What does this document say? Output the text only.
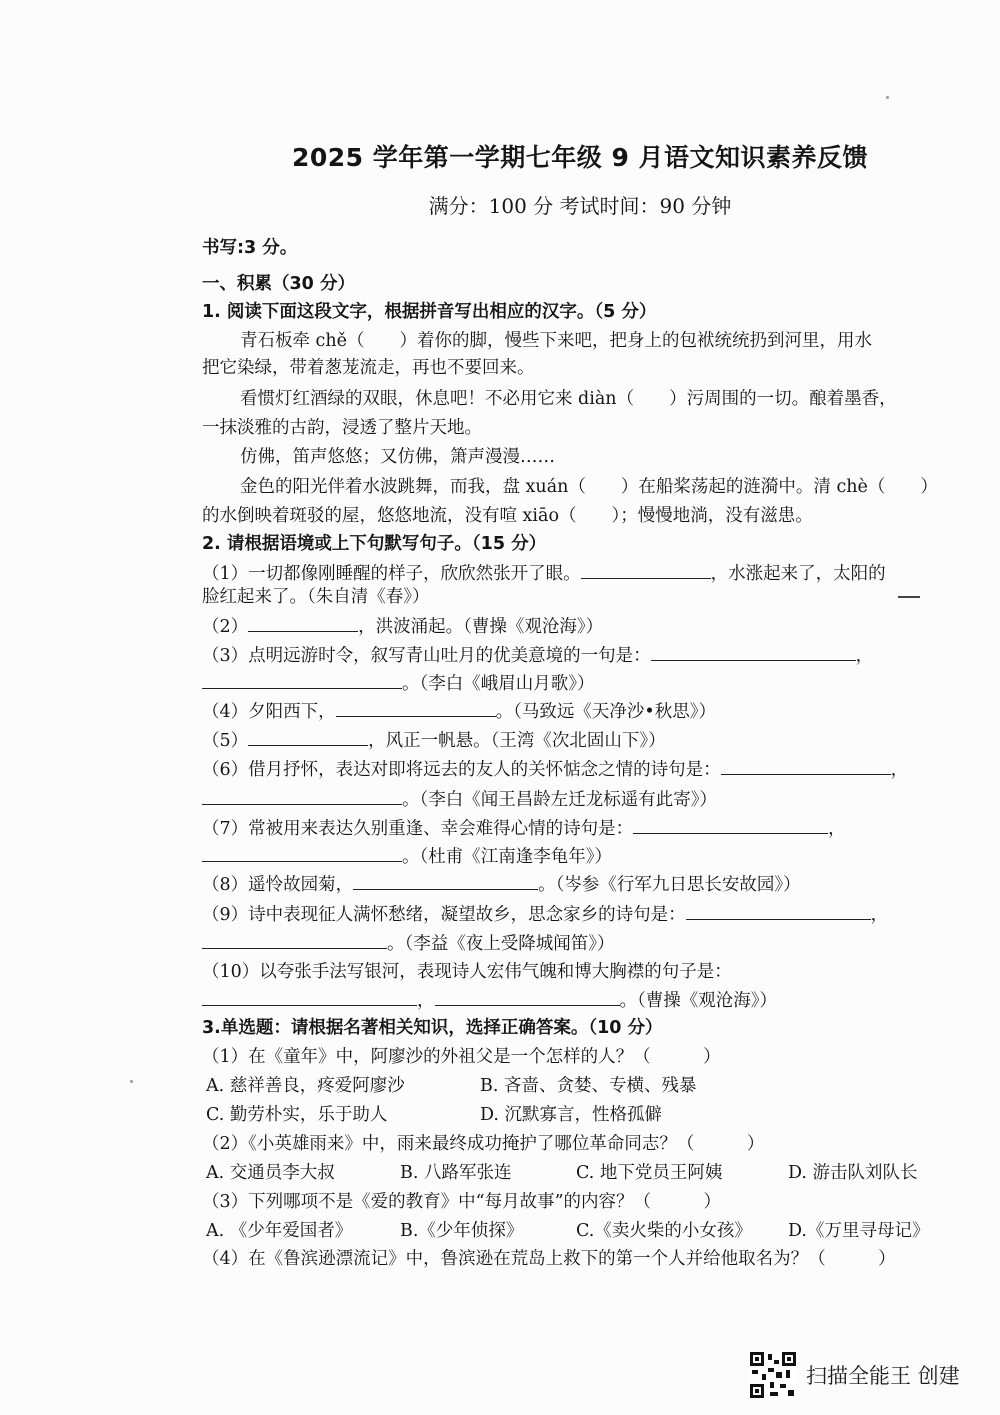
2025 学年第一学期七年级 9 月语文知识素养反馈
满分：100 分 考试时间：90 分钟
书写:3 分。
一、积累（30 分）
1. 阅读下面这段文字，根据拼音写出相应的汉字。（5 分）
青石板牵 chě（　　）着你的脚，慢些下来吧，把身上的包袱统统扔到河里，用水
把它染绿，带着葱茏流走，再也不要回来。
看惯灯红酒绿的双眼，休息吧！不必用它来 diàn（　　）污周围的一切。酿着墨香，
一抹淡雅的古韵，浸透了整片天地。
仿佛，笛声悠悠；又仿佛，箫声漫漫……
金色的阳光伴着水波跳舞，而我，盘 xuán（　　）在船桨荡起的涟漪中。清 chè（　　）
的水倒映着斑驳的屋，悠悠地流，没有喧 xiāo（　　）；慢慢地淌，没有滋患。
2. 请根据语境或上下句默写句子。（15 分）
（1）一切都像刚睡醒的样子，欣欣然张开了眼。	，水涨起来了，太阳的
脸红起来了。（朱自清《春》）
（2）	，洪波涌起。（曹操《观沧海》）
（3）点明远游时令，叙写青山吐月的优美意境的一句是：	，
。（李白《峨眉山月歌》）
（4）夕阳西下，	。（马致远《天净沙•秋思》）
（5）	，风正一帆悬。（王湾《次北固山下》）
（6）借月抒怀，表达对即将远去的友人的关怀惦念之情的诗句是：	，
。（李白《闻王昌龄左迁龙标遥有此寄》）
（7）常被用来表达久别重逢、幸会难得心情的诗句是：	，
。（杜甫《江南逢李龟年》）
（8）遥怜故园菊，	。（岑参《行军九日思长安故园》）
（9）诗中表现征人满怀愁绪，凝望故乡，思念家乡的诗句是：	，
。（李益《夜上受降城闻笛》）
（10）以夸张手法写银河，表现诗人宏伟气魄和博大胸襟的句子是：
，	。（曹操《观沧海》）
3.单选题：请根据名著相关知识，选择正确答案。（10 分）
（1）在《童年》中，阿廖沙的外祖父是一个怎样的人？（　　　）
A. 慈祥善良，疼爱阿廖沙	B. 吝啬、贪婪、专横、残暴
C. 勤劳朴实，乐于助人	D. 沉默寡言，性格孤僻
（2）《小英雄雨来》中，雨来最终成功掩护了哪位革命同志？（　　　）
A. 交通员李大叔	B. 八路军张连	C. 地下党员王阿姨	D. 游击队刘队长
（3）下列哪项不是《爱的教育》中“每月故事”的内容？（　　　）
A. 《少年爱国者》	B.《少年侦探》	C.《卖火柴的小女孩》	D.《万里寻母记》
（4）在《鲁滨逊漂流记》中，鲁滨逊在荒岛上救下的第一个人并给他取名为？（　　　）
扫描全能王 创建
